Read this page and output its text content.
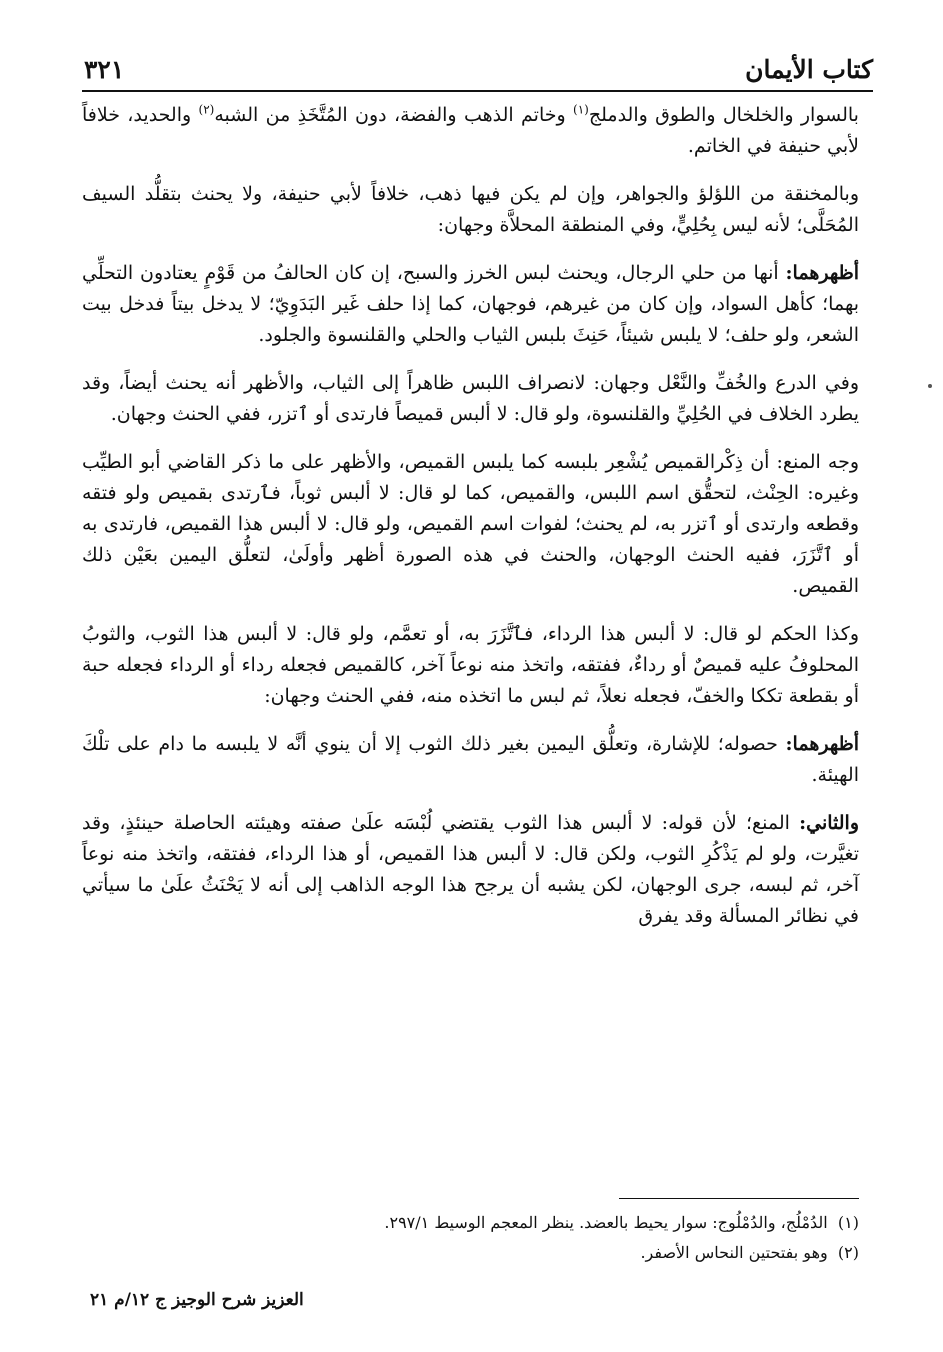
كتاب الأيمان
٣٢١

بالسوار والخلخال والطوق والدملج$^{(١)}$ وخاتم الذهب والفضة، دون المُتَّخَذِ من الشبه$^{(٢)}$ والحديد، خلافاً لأبي حنيفة في الخاتم.

وبالمخنقة من اللؤلؤ والجواهر، وإن لم يكن فيها ذهب، خلافاً لأبي حنيفة، ولا يحنث بتقلُّد السيف المُحَلَّى؛ لأنه ليس بِحُلِيٍّ، وفي المنطقة المحلاَّة وجهان:

أظهرهما: أنها من حلي الرجال، ويحنث لبس الخرز والسبح، إن كان الحالفُ من قَوْمٍ يعتادون التحلِّي بهما؛ كأهل السواد، وإن كان من غيرهم، فوجهان، كما إذا حلف غَير البَدَوِيّ؛ لا يدخل بيتاً فدخل بيت الشعر، ولو حلف؛ لا يلبس شيئاً، حَنِثَ بلبس الثياب والحلي والقلنسوة والجلود.

وفي الدرع والخُفِّ والنَّعْل وجهان: لانصراف اللبس ظاهراً إلى الثياب، والأظهر أنه يحنث أيضاً، وقد يطرد الخلاف في الحُلِيِّ والقلنسوة، ولو قال: لا ألبس قميصاً فارتدى أو ٱتزر، ففي الحنث وجهان.

وجه المنع: أن ذِكْرالقميص يُشْعِر بلبسه كما يلبس القميص، والأظهر على ما ذكر القاضي أبو الطيِّب وغيره: الحِنْث، لتحقُّق اسم اللبس، والقميص، كما لو قال: لا ألبس ثوباً، فٱرتدى بقميص ولو فتقه وقطعه وارتدى أو ٱتزر به، لم يحنث؛ لفوات اسم القميص، ولو قال: لا ألبس هذا القميص، فارتدى به أو ٱتَّزَرَ، ففيه الحنث الوجهان، والحنث في هذه الصورة أظهر وأولَىٰ، لتعلُّق اليمين بعَيْن ذلك القميص.

وكذا الحكم لو قال: لا ألبس هذا الرداء، فٱتَّزَرَ به، أو تعمَّم، ولو قال: لا ألبس هذا الثوب، والثوبُ المحلوفُ عليه قميصٌ أو رداءٌ، ففتقه، واتخذ منه نوعاً آخر، كالقميص فجعله رداء أو الرداء فجعله حبة أو بقطعة تككا والخفّ، فجعله نعلاً، ثم لبس ما اتخذه منه، ففي الحنث وجهان:

أظهرهما: حصوله؛ للإشارة، وتعلُّق اليمين بغير ذلك الثوب إلا أن ينوي أنَّه لا يلبسه ما دام على تلْكَ الهيئة.

والثاني: المنع؛ لأن قوله: لا ألبس هذا الثوب يقتضي لُبْسَه علَىٰ صفته وهيئته الحاصلة حينئذٍ، وقد تغيَّرت، ولو لم يَذْكُرِ الثوب، ولكن قال: لا ألبس هذا القميص، أو هذا الرداء، ففتقه، واتخذ منه نوعاً آخر، ثم لبسه، جرى الوجهان، لكن يشبه أن يرجح هذا الوجه الذاهب إلى أنه لا يَحْنَثُ علَىٰ ما سيأتي في نظائر المسألة وقد يفرق

(١)  الدُمْلُج، والدُمْلُوج: سوار يحيط بالعضد. ينظر المعجم الوسيط ٢٩٧/١.
(٢)  وهو بفتحتين النحاس الأصفر.
العزيز شرح الوجيز ج ١٢/م ٢١
